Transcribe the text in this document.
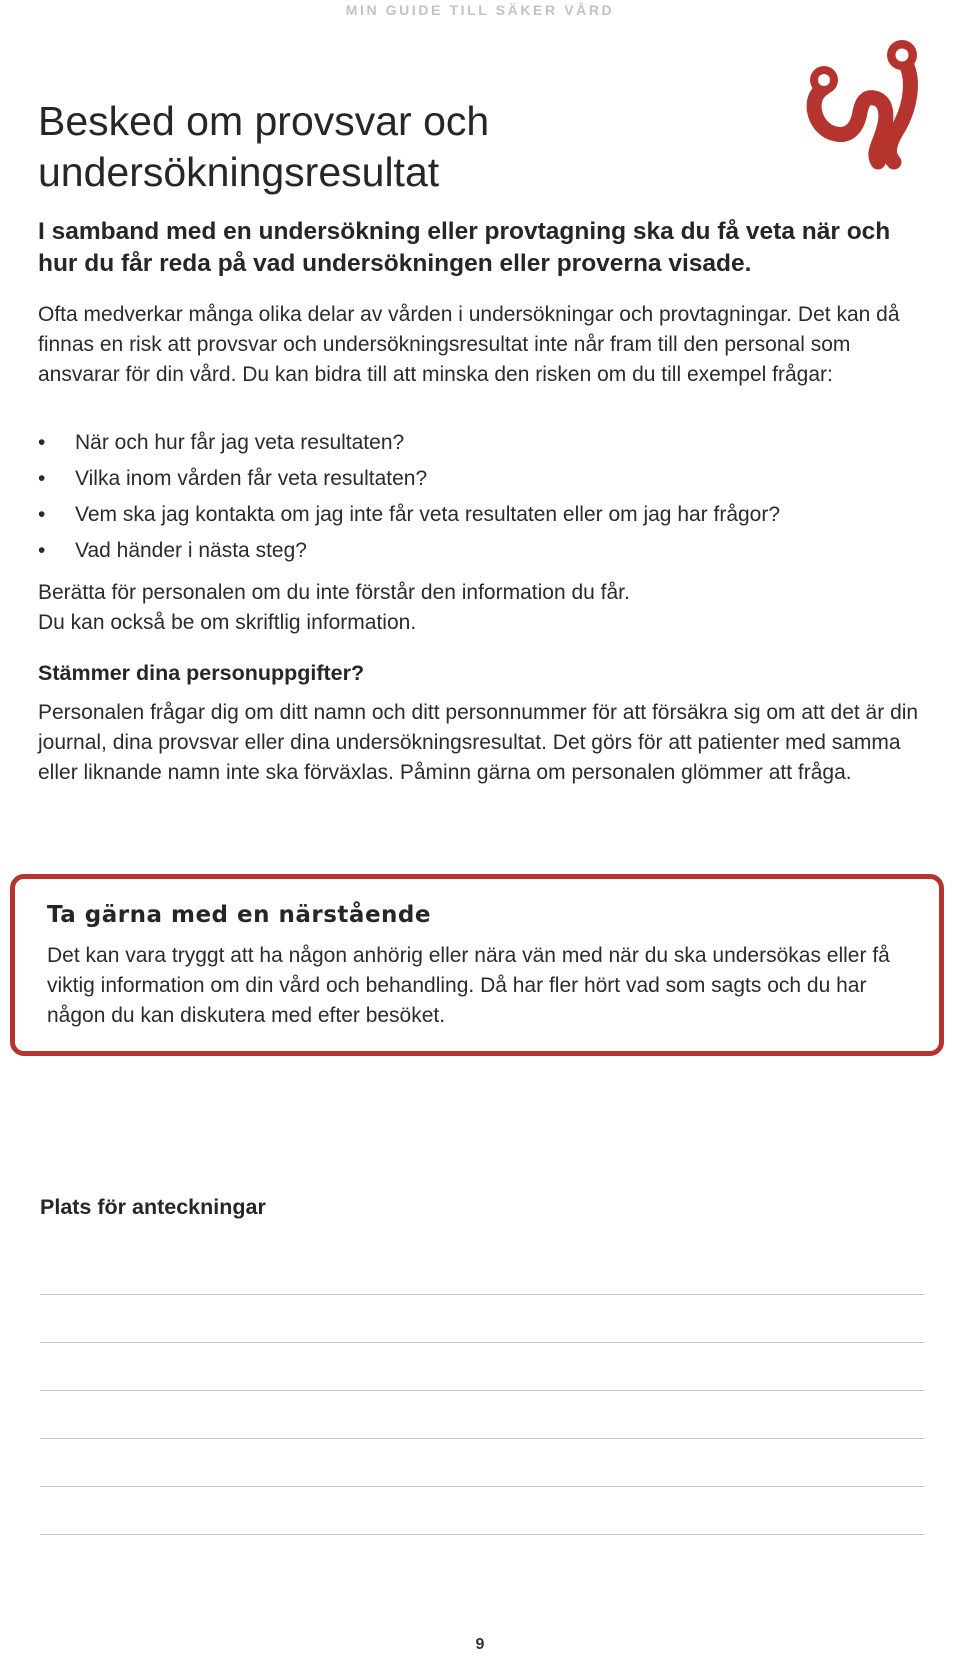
MIN GUIDE TILL SÄKER VÅRD
Besked om provsvar och
undersökningsresultat

I samband med en undersökning eller provtagning ska du få veta när och hur du får reda på vad undersökningen eller proverna visade.

Ofta medverkar många olika delar av vården i undersökningar och provtagningar. Det kan då finnas en risk att provsvar och undersökningsresultat inte når fram till den personal som ansvarar för din vård. Du kan bidra till att minska den risken om du till exempel frågar:

• När och hur får jag veta resultaten?
• Vilka inom vården får veta resultaten?
• Vem ska jag kontakta om jag inte får veta resultaten eller om jag har frågor?
• Vad händer i nästa steg?

Berätta för personalen om du inte förstår den information du får.
Du kan också be om skriftlig information.

Stämmer dina personuppgifter?

Personalen frågar dig om ditt namn och ditt personnummer för att försäkra sig om att det är din journal, dina provsvar eller dina undersökningsresultat. Det görs för att patienter med samma eller liknande namn inte ska förväxlas. Påminn gärna om personalen glömmer att fråga.

Ta gärna med en närstående

Det kan vara tryggt att ha någon anhörig eller nära vän med när du ska undersökas eller få viktig information om din vård och behandling. Då har fler hört vad som sagts och du har någon du kan diskutera med efter besöket.

Plats för anteckningar
9
